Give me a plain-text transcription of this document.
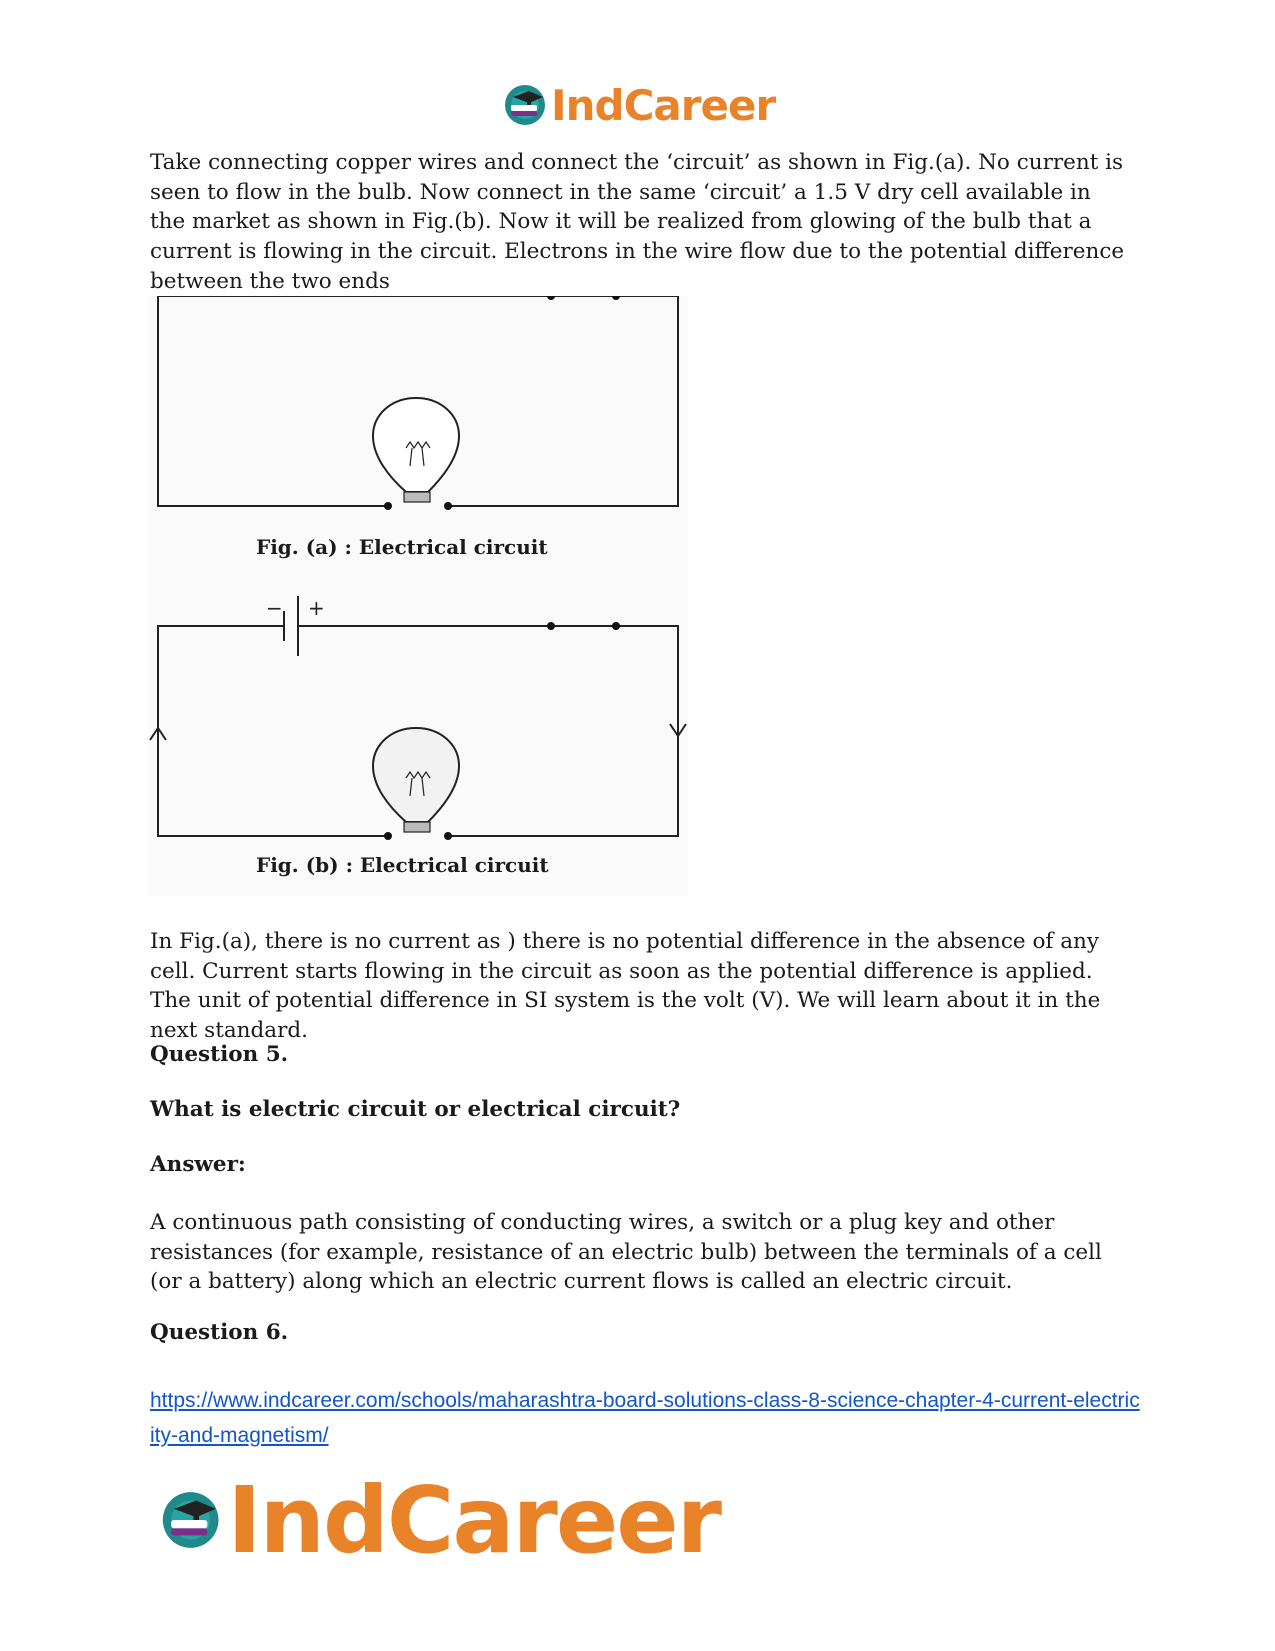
IndCareer

Take connecting copper wires and connect the ‘circuit’ as shown in Fig.(a). No current is seen to flow in the bulb. Now connect in the same ‘circuit’ a 1.5 V dry cell available in the market as shown in Fig.(b). Now it will be realized from glowing of the bulb that a current is flowing in the circuit. Electrons in the wire flow due to the potential difference between the two ends

− +
Fig. (a) : Electrical circuit
Fig. (b) : Electrical circuit

In Fig.(a), there is no current as ) there is no potential difference in the absence of any cell. Current starts flowing in the circuit as soon as the potential difference is applied. The unit of potential difference in SI system is the volt (V). We will learn about it in the next standard.

Question 5.

What is electric circuit or electrical circuit?

Answer:

A continuous path consisting of conducting wires, a switch or a plug key and other resistances (for example, resistance of an electric bulb) between the terminals of a cell (or a battery) along which an electric current flows is called an electric circuit.

Question 6.

https://www.indcareer.com/schools/maharashtra-board-solutions-class-8-science-chapter-4-current-electricity-and-magnetism/
IndCareer
